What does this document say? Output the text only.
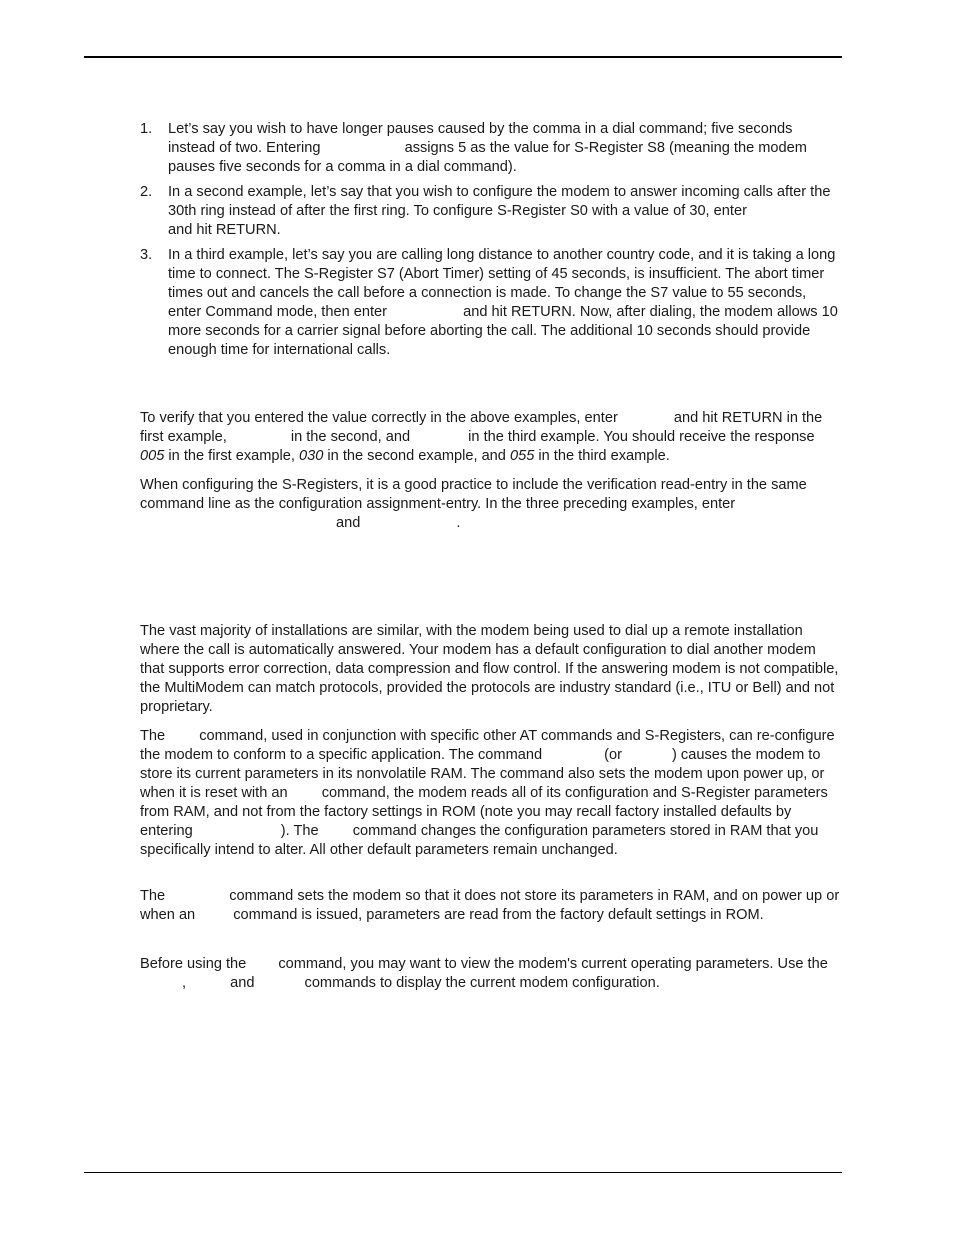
1. Let’s say you wish to have longer pauses caused by the comma in a dial command; five seconds instead of two. Entering	assigns 5 as the value for S-Register S8 (meaning the modem pauses five seconds for a comma in a dial command).
2. In a second example, let’s say that you wish to configure the modem to answer incoming calls after the 30th ring instead of after the first ring. To configure S-Register S0 with a value of 30, enter and hit RETURN.
3. In a third example, let’s say you are calling long distance to another country code, and it is taking a long time to connect. The S-Register S7 (Abort Timer) setting of 45 seconds, is insufficient. The abort timer times out and cancels the call before a connection is made. To change the S7 value to 55 seconds, enter Command mode, then enter	and hit RETURN. Now, after dialing, the modem allows 10 more seconds for a carrier signal before aborting the call. The additional 10 seconds should provide enough time for international calls.

To verify that you entered the value correctly in the above examples, enter	and hit RETURN in the first example,	in the second, and	in the third example. You should receive the response 005 in the first example, 030 in the second example, and 055 in the third example.

When configuring the S-Registers, it is a good practice to include the verification read-entry in the same command line as the configuration assignment-entry. In the three preceding examples, enter and	.

The vast majority of installations are similar, with the modem being used to dial up a remote installation where the call is automatically answered. Your modem has a default configuration to dial another modem that supports error correction, data compression and flow control. If the answering modem is not compatible, the MultiModem can match protocols, provided the protocols are industry standard (i.e., ITU or Bell) and not proprietary.

The command, used in conjunction with specific other AT commands and S-Registers, can re-configure the modem to conform to a specific application. The command	(or	) causes the modem to store its current parameters in its nonvolatile RAM. The command also sets the modem upon power up, or when it is reset with an command, the modem reads all of its configuration and S-Register parameters from RAM, and not from the factory settings in ROM (note you may recall factory installed defaults by entering	). The command changes the configuration parameters stored in RAM that you specifically intend to alter. All other default parameters remain unchanged.

The	command sets the modem so that it does not store its parameters in RAM, and on power up or when an command is issued, parameters are read from the factory default settings in ROM.

Before using the command, you may want to view the modem's current operating parameters. Use the ,	and	commands to display the current modem configuration.
